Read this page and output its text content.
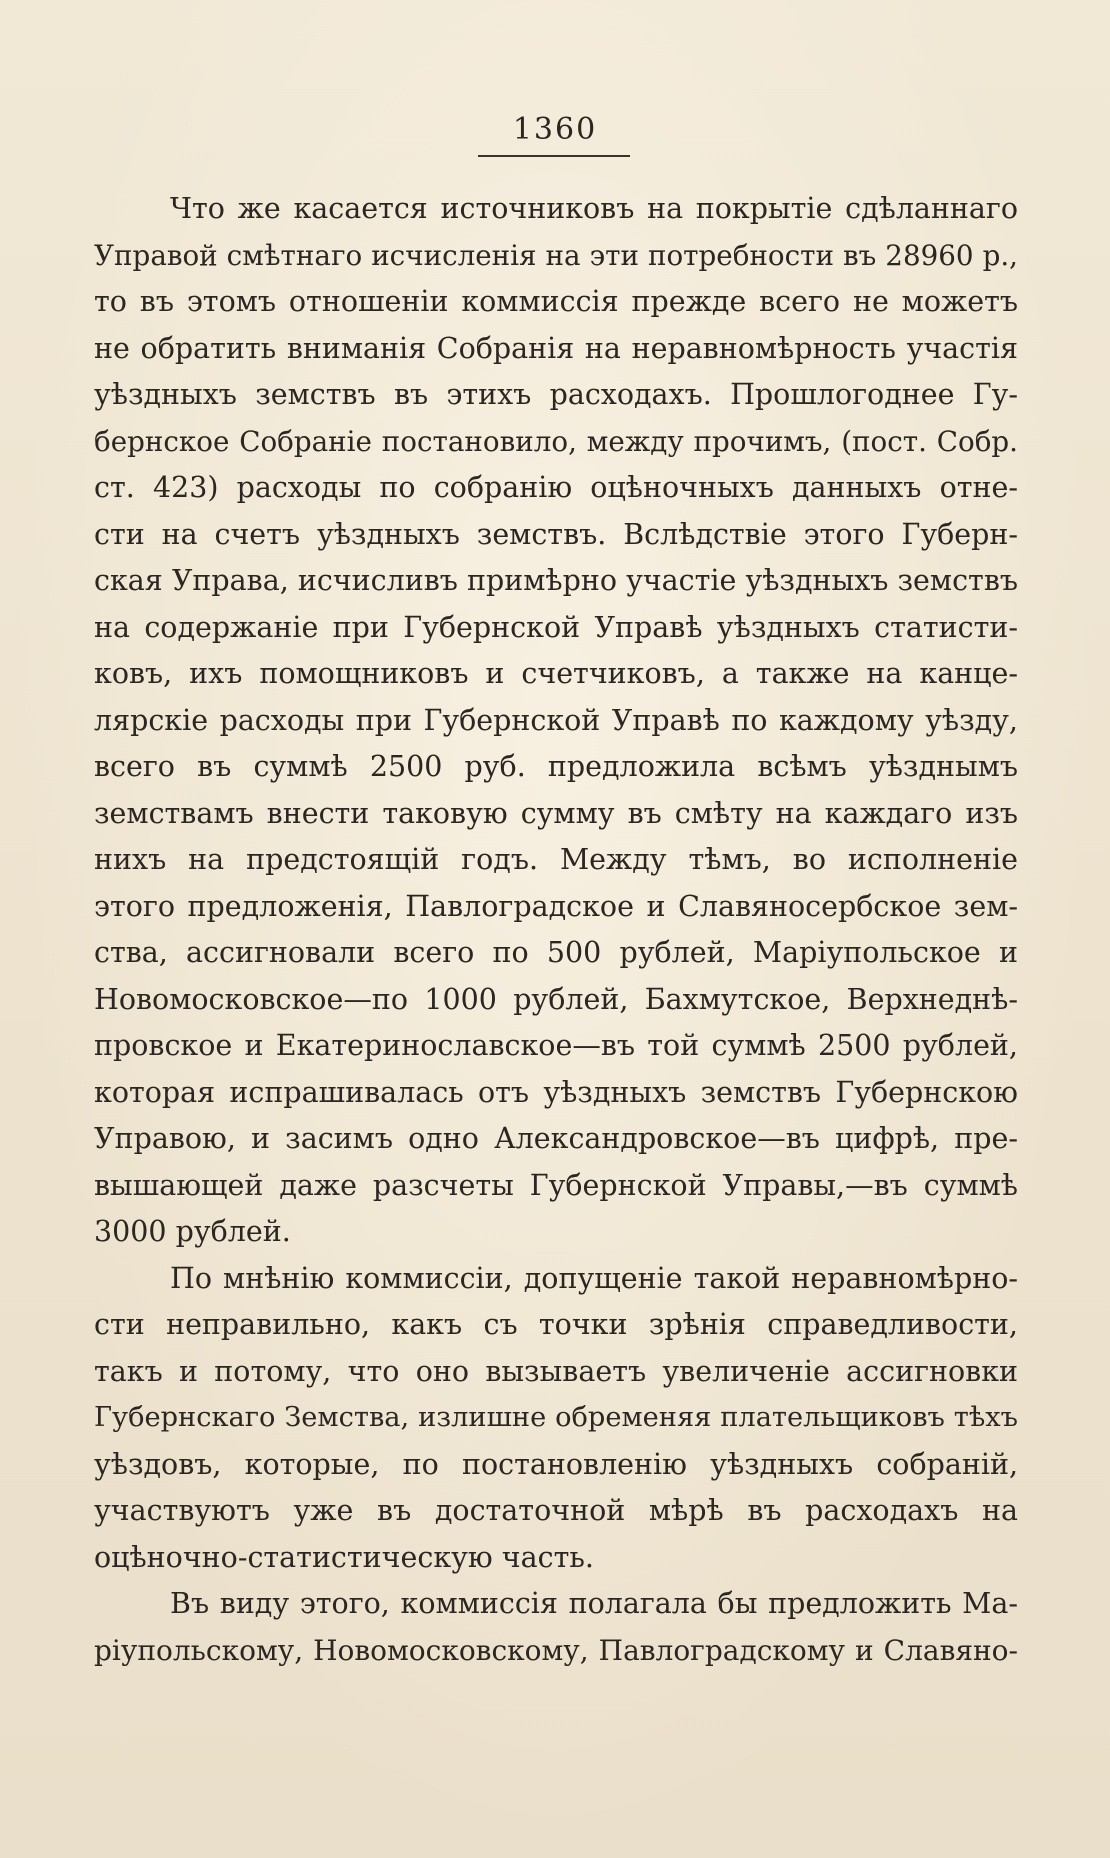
1360
Что же касается источниковъ на покрытіе сдѣланнаго
Управой смѣтнаго исчисленія на эти потребности въ 28960 р.,
то въ этомъ отношеніи коммиссія прежде всего не можетъ
не обратить вниманія Собранія на неравномѣрность участія
уѣздныхъ земствъ въ этихъ расходахъ. Прошлогоднее Гу-
бернское Собраніе постановило, между прочимъ, (пост. Собр.
ст. 423) расходы по собранію оцѣночныхъ данныхъ отне-
сти на счетъ уѣздныхъ земствъ. Вслѣдствіе этого Губерн-
ская Управа, исчисливъ примѣрно участіе уѣздныхъ земствъ
на содержаніе при Губернской Управѣ уѣздныхъ статисти-
ковъ, ихъ помощниковъ и счетчиковъ, а также на канце-
лярскіе расходы при Губернской Управѣ по каждому уѣзду,
всего въ суммѣ 2500 руб. предложила всѣмъ уѣзднымъ
земствамъ внести таковую сумму въ смѣту на каждаго изъ
нихъ на предстоящій годъ. Между тѣмъ, во исполненіе
этого предложенія, Павлоградское и Славяносербское зем-
ства, ассигновали всего по 500 рублей, Маріупольское и
Новомосковское—по 1000 рублей, Бахмутское, Верхнеднѣ-
провское и Екатеринославское—въ той суммѣ 2500 рублей,
которая испрашивалась отъ уѣздныхъ земствъ Губернскою
Управою, и засимъ одно Александровское—въ цифрѣ, пре-
вышающей даже разсчеты Губернской Управы,—въ суммѣ
3000 рублей.
По мнѣнію коммиссіи, допущеніе такой неравномѣрно-
сти неправильно, какъ съ точки зрѣнія справедливости,
такъ и потому, что оно вызываетъ увеличеніе ассигновки
Губернскаго Земства, излишне обременяя плательщиковъ тѣхъ
уѣздовъ, которые, по постановленію уѣздныхъ собраній,
участвуютъ уже въ достаточной мѣрѣ въ расходахъ на
оцѣночно-статистическую часть.
Въ виду этого, коммиссія полагала бы предложить Ма-
ріупольскому, Новомосковскому, Павлоградскому и Славяно-
